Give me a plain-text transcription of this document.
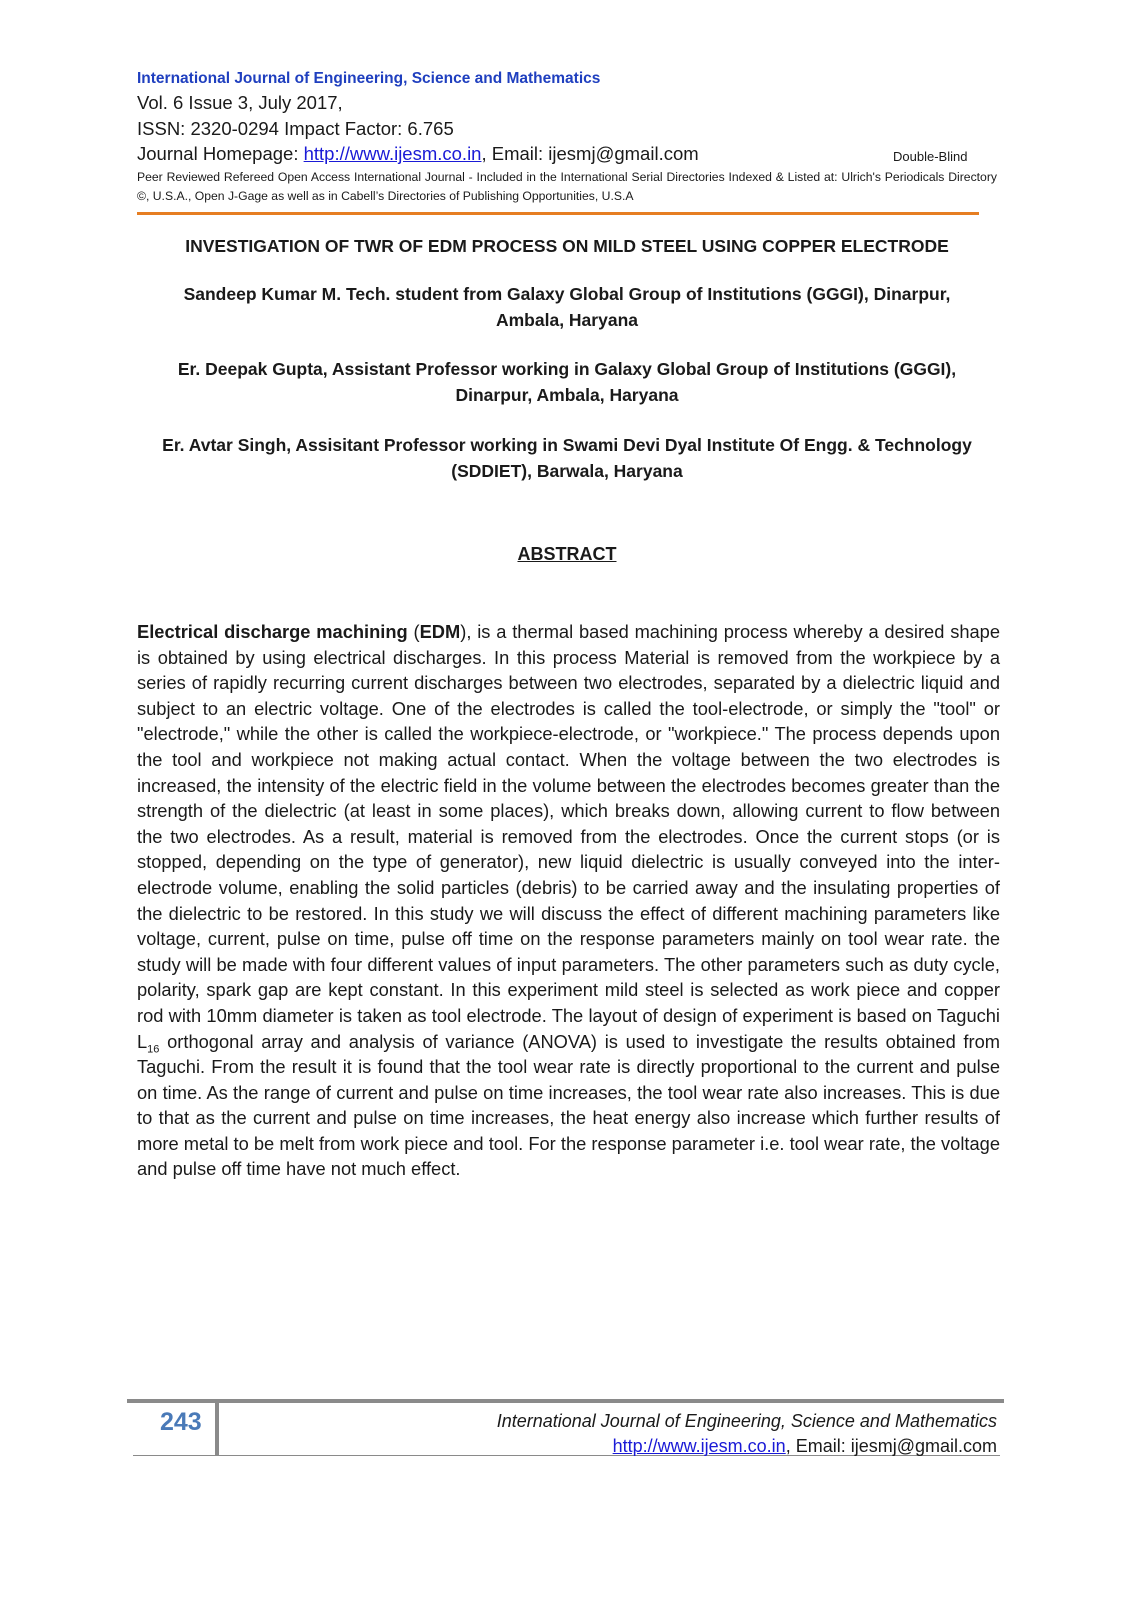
International Journal of Engineering, Science and Mathematics
Vol. 6 Issue 3, July 2017,
ISSN: 2320-0294 Impact Factor: 6.765
Journal Homepage: http://www.ijesm.co.in, Email: ijesmj@gmail.com	Double-Blind
Peer Reviewed Refereed Open Access International Journal - Included in the International Serial Directories Indexed & Listed at: Ulrich's Periodicals Directory ©, U.S.A., Open J-Gage as well as in Cabell’s Directories of Publishing Opportunities, U.S.A
INVESTIGATION OF TWR OF EDM PROCESS ON MILD STEEL USING COPPER ELECTRODE
Sandeep Kumar M. Tech. student from Galaxy Global Group of Institutions (GGGI), Dinarpur,
Ambala, Haryana
Er. Deepak Gupta, Assistant Professor working in Galaxy Global Group of Institutions (GGGI),
Dinarpur, Ambala, Haryana
Er. Avtar Singh, Assisitant Professor working in Swami Devi Dyal Institute Of Engg. & Technology
(SDDIET), Barwala, Haryana
ABSTRACT
Electrical discharge machining (EDM), is a thermal based machining process whereby a desired shape is obtained by using electrical discharges. In this process Material is removed from the workpiece by a series of rapidly recurring current discharges between two electrodes, separated by a dielectric liquid and subject to an electric voltage. One of the electrodes is called the tool-electrode, or simply the "tool" or "electrode," while the other is called the workpiece-electrode, or "workpiece." The process depends upon the tool and workpiece not making actual contact. When the voltage between the two electrodes is increased, the intensity of the electric field in the volume between the electrodes becomes greater than the strength of the dielectric (at least in some places), which breaks down, allowing current to flow between the two electrodes. As a result, material is removed from the electrodes. Once the current stops (or is stopped, depending on the type of generator), new liquid dielectric is usually conveyed into the inter-electrode volume, enabling the solid particles (debris) to be carried away and the insulating properties of the dielectric to be restored. In this study we will discuss the effect of different machining parameters like voltage, current, pulse on time, pulse off time on the response parameters mainly on tool wear rate. the study will be made with four different values of input parameters. The other parameters such as duty cycle, polarity, spark gap are kept constant. In this experiment mild steel is selected as work piece and copper rod with 10mm diameter is taken as tool electrode. The layout of design of experiment is based on Taguchi $L_{16}$ orthogonal array and analysis of variance (ANOVA) is used to investigate the results obtained from Taguchi. From the result it is found that the tool wear rate is directly proportional to the current and pulse on time. As the range of current and pulse on time increases, the tool wear rate also increases. This is due to that as the current and pulse on time increases, the heat energy also increase which further results of more metal to be melt from work piece and tool. For the response parameter i.e. tool wear rate, the voltage and pulse off time have not much effect.
243	International Journal of Engineering, Science and Mathematics
http://www.ijesm.co.in, Email: ijesmj@gmail.com
